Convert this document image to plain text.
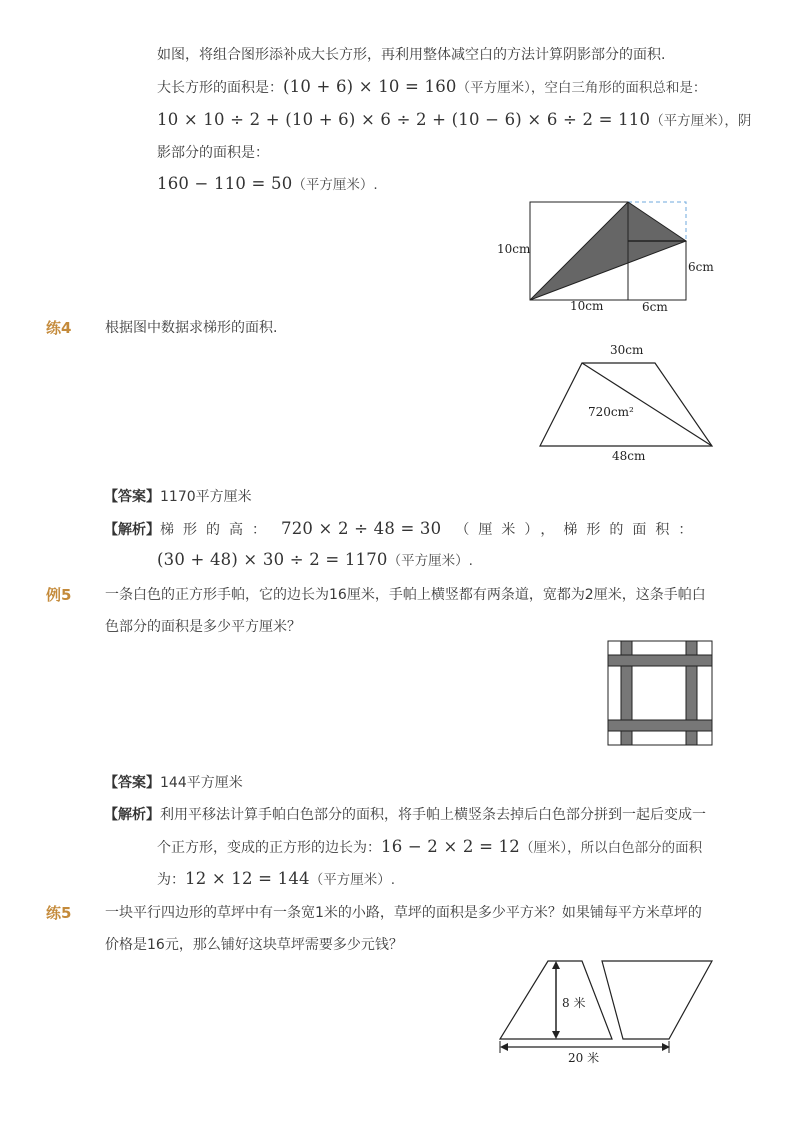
如图，将组合图形添补成大长方形，再利用整体减空白的方法计算阴影部分的面积.
大长方形的面积是：(10 + 6) × 10 = 160（平方厘米），空白三角形的面积总和是：
10 × 10 ÷ 2 + (10 + 6) × 6 ÷ 2 + (10 − 6) × 6 ÷ 2 = 110（平方厘米），阴
影部分的面积是：
160 − 110 = 50（平方厘米）.
10cm
6cm
10cm	6cm
练4 根据图中数据求梯形的面积.
30cm
720cm²
48cm
【答案】1170平方厘米
【解析】梯形的高： 720 × 2 ÷ 48 = 30 （厘米），梯形的面积：
(30 + 48) × 30 ÷ 2 = 1170（平方厘米）.
例5 一条白色的正方形手帕，它的边长为16厘米，手帕上横竖都有两条道，宽都为2厘米，这条手帕白
色部分的面积是多少平方厘米？
【答案】144平方厘米
【解析】利用平移法计算手帕白色部分的面积，将手帕上横竖条去掉后白色部分拼到一起后变成一
个正方形，变成的正方形的边长为：16 − 2 × 2 = 12（厘米），所以白色部分的面积
为：12 × 12 = 144（平方厘米）.
练5 一块平行四边形的草坪中有一条宽1米的小路，草坪的面积是多少平方米？如果铺每平方米草坪的
价格是16元，那么铺好这块草坪需要多少元钱？
8 米
20 米
